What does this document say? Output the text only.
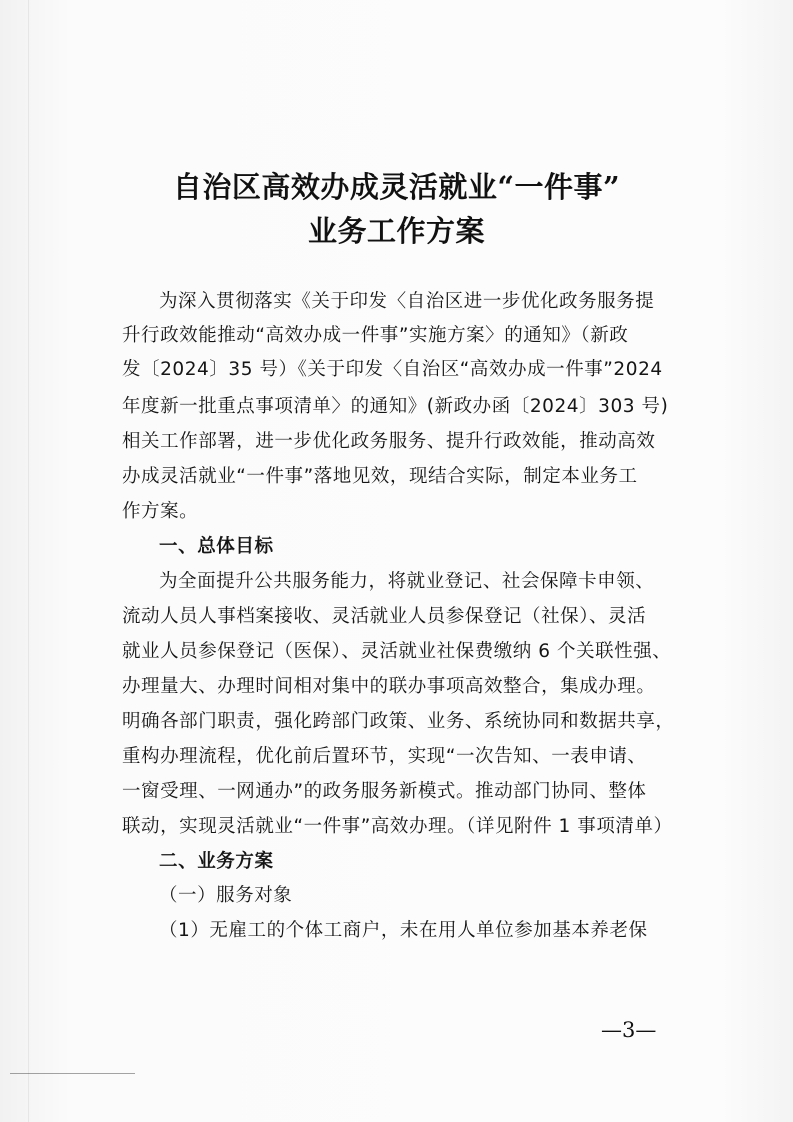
自治区高效办成灵活就业“一件事”
业务工作方案
为深入贯彻落实《关于印发〈自治区进一步优化政务服务提
升行政效能推动“高效办成一件事”实施方案〉的通知》（新政
发〔2024〕35 号）《关于印发〈自治区“高效办成一件事”2024
年度新一批重点事项清单〉的通知》(新政办函〔2024〕303 号)
相关工作部署，进一步优化政务服务、提升行政效能，推动高效
办成灵活就业“一件事”落地见效，现结合实际，制定本业务工
作方案。
一、总体目标
为全面提升公共服务能力，将就业登记、社会保障卡申领、
流动人员人事档案接收、灵活就业人员参保登记（社保）、灵活
就业人员参保登记（医保）、灵活就业社保费缴纳 6 个关联性强、
办理量大、办理时间相对集中的联办事项高效整合，集成办理。
明确各部门职责，强化跨部门政策、业务、系统协同和数据共享，
重构办理流程，优化前后置环节，实现“一次告知、一表申请、
一窗受理、一网通办”的政务服务新模式。推动部门协同、整体
联动，实现灵活就业“一件事”高效办理。（详见附件 1 事项清单）
二、业务方案
（一）服务对象
（1）无雇工的个体工商户，未在用人单位参加基本养老保
—3—
